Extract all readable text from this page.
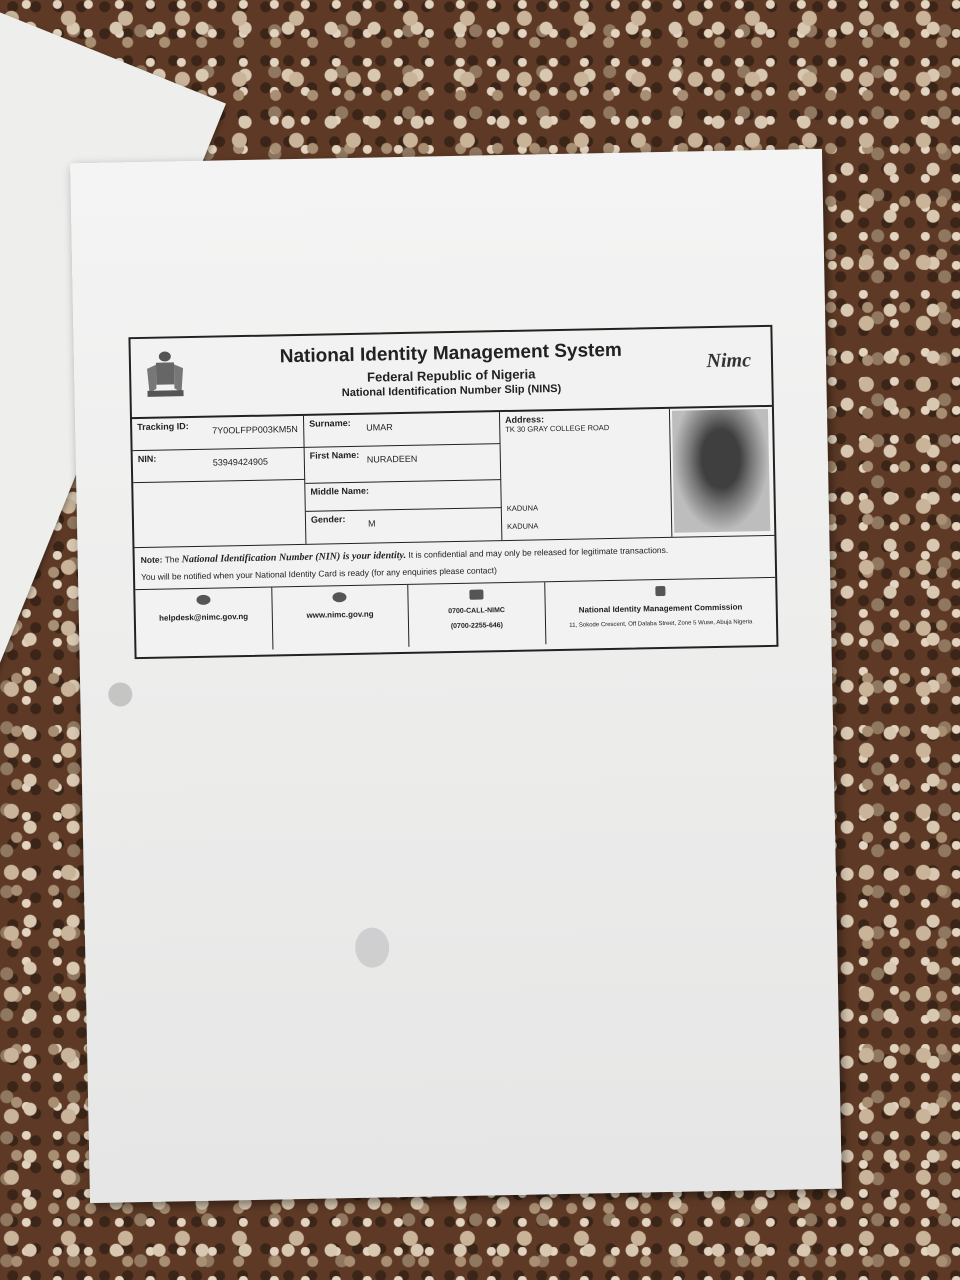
National Identity Management System
Federal Republic of Nigeria
National Identification Number Slip (NINS)
Nimc
Tracking ID:	7Y0OLFPP003KM5N
NIN:	53949424905
Surname: UMAR
First Name: NURADEEN
Middle Name:
Gender: M
Address:
TK 30 GRAY COLLEGE ROAD
KADUNA
KADUNA
Note: The National Identification Number (NIN) is your identity. It is confidential and may only be released for legitimate transactions.
You will be notified when your National Identity Card is ready (for any enquiries please contact)
helpdesk@nimc.gov.ng	www.nimc.gov.ng	0700-CALL-NIMC
(0700-2255-646)
National Identity Management Commission
11, Sokode Crescent, Off Dalaba Street, Zone 5 Wuse, Abuja Nigeria
